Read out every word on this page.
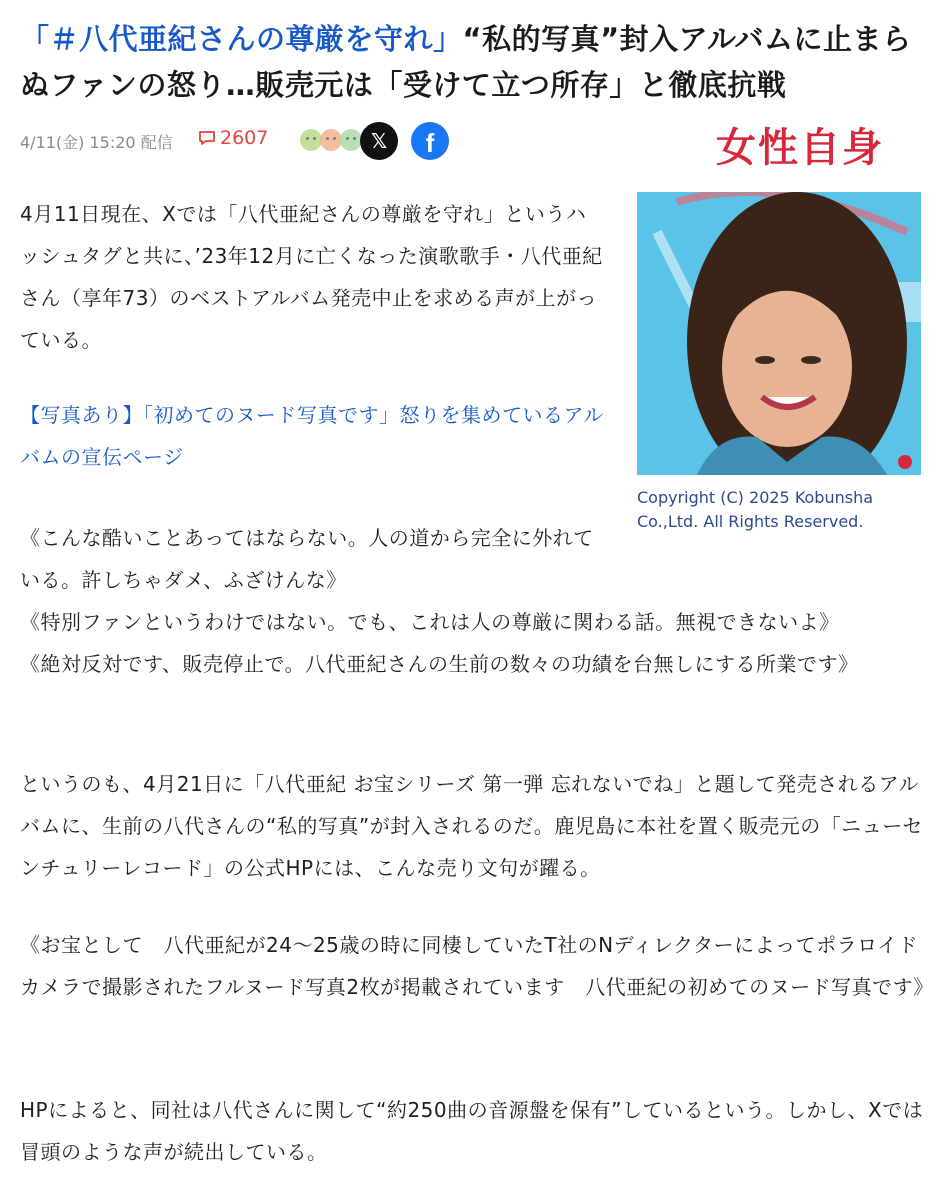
「＃八代亜紀さんの尊厳を守れ」“私的写真”封入アルバムに止まらぬファンの怒り…販売元は「受けて立つ所存」と徹底抗戦
4/11(金) 15:20 配信 2607	𝕏	f	女性自身

Copyright (C) 2025 Kobunsha Co.,Ltd. All Rights Reserved.

4月11日現在、Xでは「八代亜紀さんの尊厳を守れ」というハッシュタグと共に、’23年12月に亡くなった演歌歌手・八代亜紀さん（享年73）のベストアルバム発売中止を求める声が上がっている。

【写真あり】「初めてのヌード写真です」怒りを集めているアルバムの宣伝ページ

《こんな酷いことあってはならない。人の道から完全に外れている。許しちゃダメ、ふざけんな》

《特別ファンというわけではない。でも、これは人の尊厳に関わる話。無視できないよ》

《絶対反対です、販売停止で。八代亜紀さんの生前の数々の功績を台無しにする所業です》

というのも、4月21日に「八代亜紀 お宝シリーズ 第一弾 忘れないでね」と題して発売されるアルバムに、生前の八代さんの“私的写真”が封入されるのだ。鹿児島に本社を置く販売元の「ニューセンチュリーレコード」の公式HPには、こんな売り文句が躍る。

《お宝として　八代亜紀が24〜25歳の時に同棲していたT社のNディレクターによってポラロイドカメラで撮影されたフルヌード写真2枚が掲載されています　八代亜紀の初めてのヌード写真です》

HPによると、同社は八代さんに関して“約250曲の音源盤を保有”しているという。しかし、Xでは冒頭のような声が続出している。
